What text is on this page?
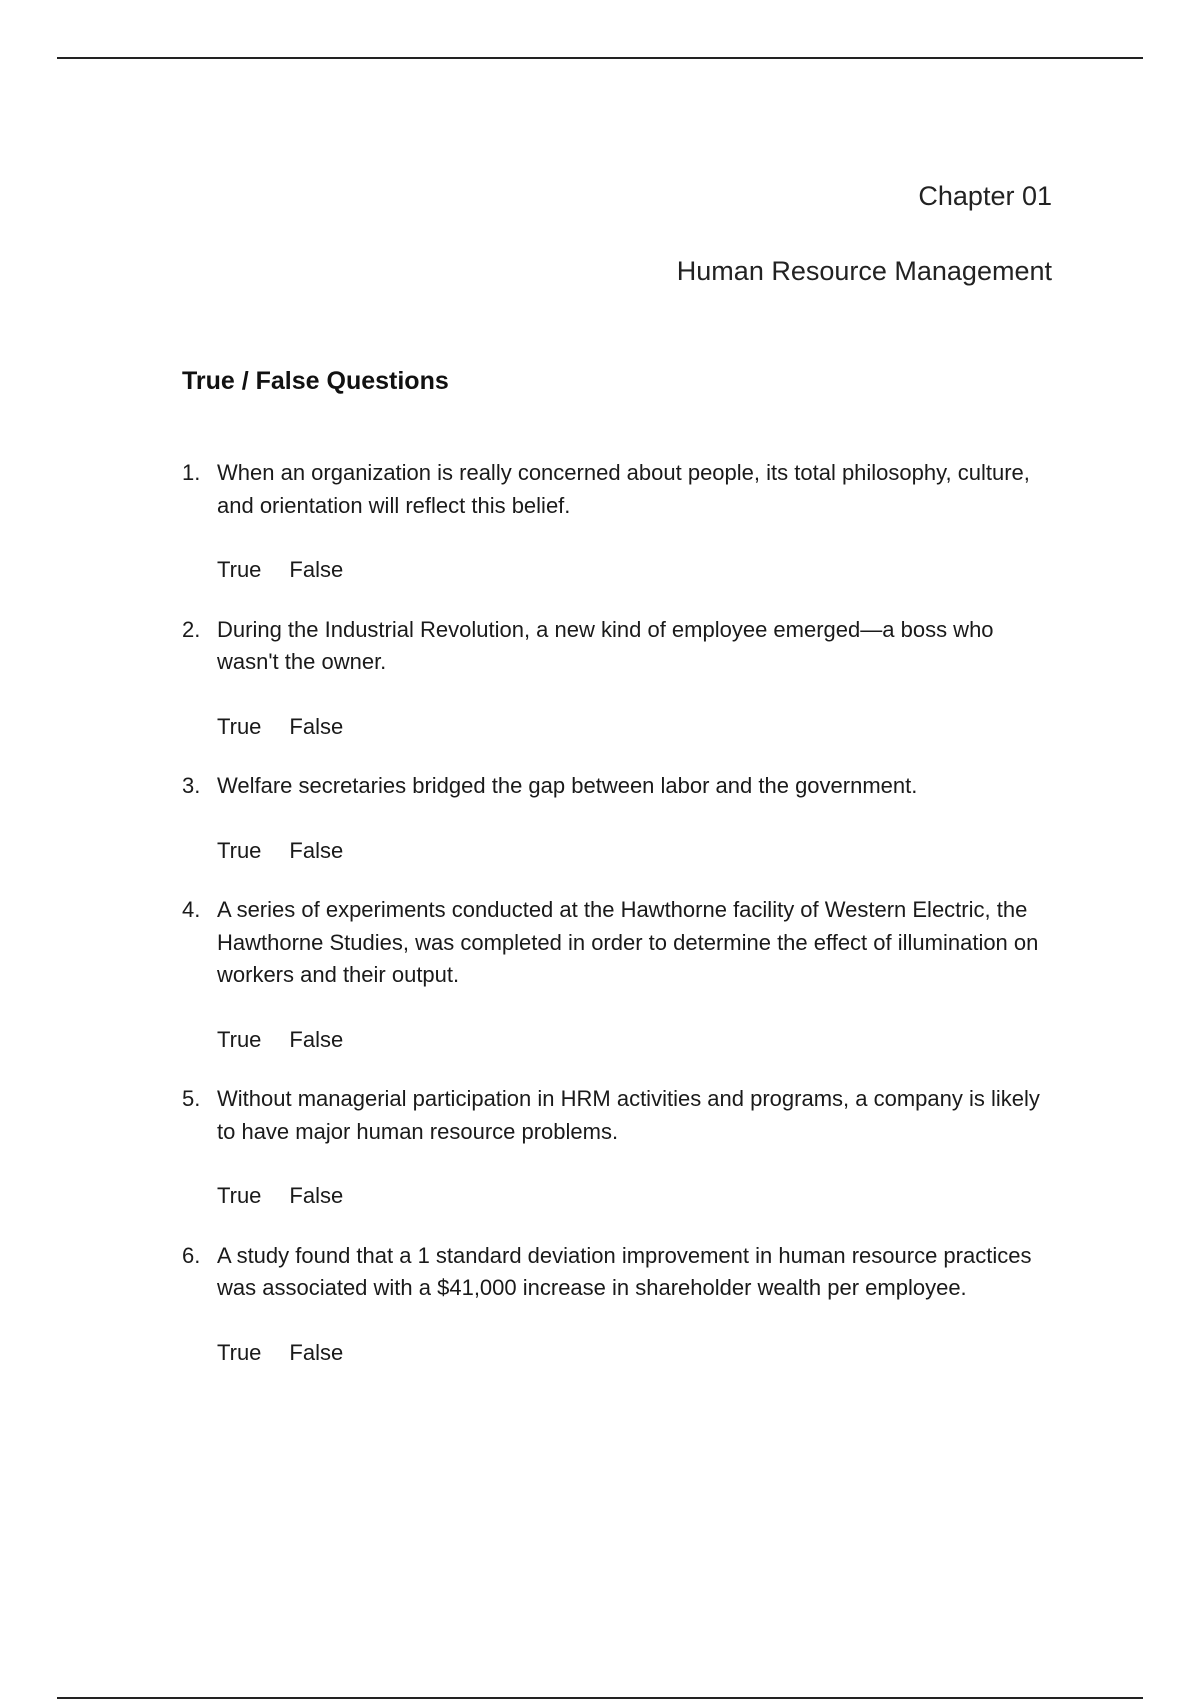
Chapter 01
Human Resource Management
True / False Questions
1. When an organization is really concerned about people, its total philosophy, culture, and orientation will reflect this belief.
True False
2. During the Industrial Revolution, a new kind of employee emerged—a boss who wasn't the owner.
True False
3. Welfare secretaries bridged the gap between labor and the government.
True False
4. A series of experiments conducted at the Hawthorne facility of Western Electric, the Hawthorne Studies, was completed in order to determine the effect of illumination on workers and their output.
True False
5. Without managerial participation in HRM activities and programs, a company is likely to have major human resource problems.
True False
6. A study found that a 1 standard deviation improvement in human resource practices was associated with a $41,000 increase in shareholder wealth per employee.
True False
